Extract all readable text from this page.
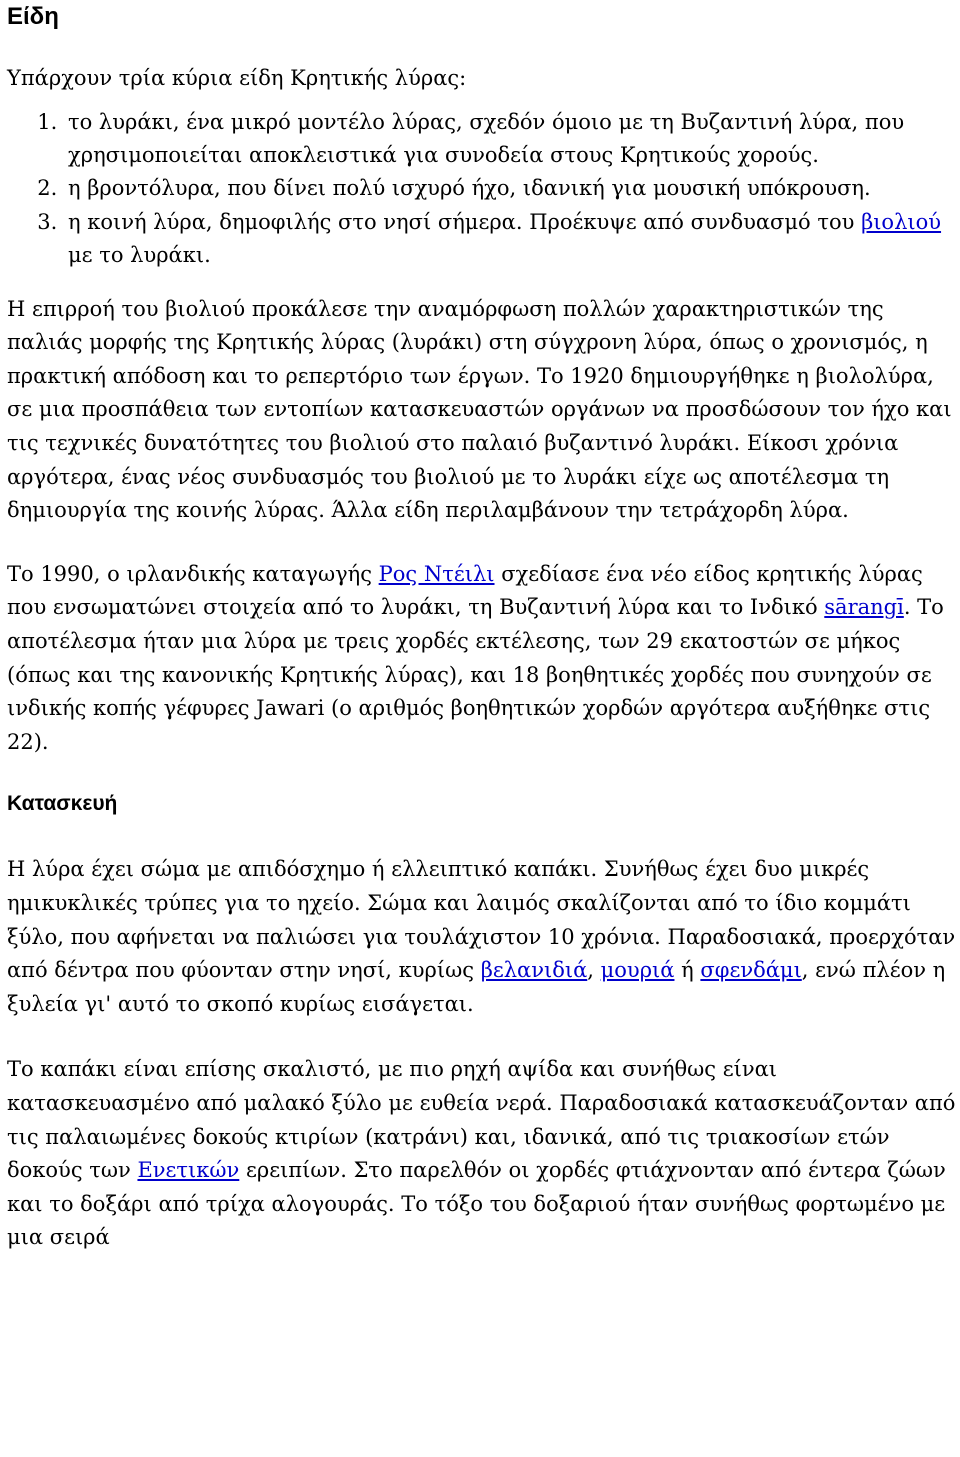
Είδη

Υπάρχουν τρία κύρια είδη Κρητικής λύρας:

1. το λυράκι, ένα μικρό μοντέλο λύρας, σχεδόν όμοιο με τη Βυζαντινή λύρα, που χρησιμοποιείται αποκλειστικά για συνοδεία στους Κρητικούς χορούς.
2. η βροντόλυρα, που δίνει πολύ ισχυρό ήχο, ιδανική για μουσική υπόκρουση.
3. η κοινή λύρα, δημοφιλής στο νησί σήμερα. Προέκυψε από συνδυασμό του βιολιού με το λυράκι.

Η επιρροή του βιολιού προκάλεσε την αναμόρφωση πολλών χαρακτηριστικών της παλιάς μορφής της Κρητικής λύρας (λυράκι) στη σύγχρονη λύρα, όπως ο χρονισμός, η πρακτική απόδοση και το ρεπερτόριο των έργων. Το 1920 δημιουργήθηκε η βιολολύρα, σε μια προσπάθεια των εντοπίων κατασκευαστών οργάνων να προσδώσουν τον ήχο και τις τεχνικές δυνατότητες του βιολιού στο παλαιό βυζαντινό λυράκι. Είκοσι χρόνια αργότερα, ένας νέος συνδυασμός του βιολιού με το λυράκι είχε ως αποτέλεσμα τη δημιουργία της κοινής λύρας. Άλλα είδη περιλαμβάνουν την τετράχορδη λύρα.

Το 1990, ο ιρλανδικής καταγωγής Ρος Ντέιλι σχεδίασε ένα νέο είδος κρητικής λύρας που ενσωματώνει στοιχεία από το λυράκι, τη Βυζαντινή λύρα και το Ινδικό sārangī. Το αποτέλεσμα ήταν μια λύρα με τρεις χορδές εκτέλεσης, των 29 εκατοστών σε μήκος (όπως και της κανονικής Κρητικής λύρας), και 18 βοηθητικές χορδές που συνηχούν σε ινδικής κοπής γέφυρες Jawari (ο αριθμός βοηθητικών χορδών αργότερα αυξήθηκε στις 22).

Κατασκευή

Η λύρα έχει σώμα με απιδόσχημο ή ελλειπτικό καπάκι. Συνήθως έχει δυο μικρές ημικυκλικές τρύπες για το ηχείο. Σώμα και λαιμός σκαλίζονται από το ίδιο κομμάτι ξύλο, που αφήνεται να παλιώσει για τουλάχιστον 10 χρόνια. Παραδοσιακά, προερχόταν από δέντρα που φύονταν στην νησί, κυρίως βελανιδιά, μουριά ή σφενδάμι, ενώ πλέον η ξυλεία γι' αυτό το σκοπό κυρίως εισάγεται.

Το καπάκι είναι επίσης σκαλιστό, με πιο ρηχή αψίδα και συνήθως είναι κατασκευασμένο από μαλακό ξύλο με ευθεία νερά. Παραδοσιακά κατασκευάζονταν από τις παλαιωμένες δοκούς κτιρίων (κατράνι) και, ιδανικά, από τις τριακοσίων ετών δοκούς των Ενετικών ερειπίων. Στο παρελθόν οι χορδές φτιάχνονταν από έντερα ζώων και το δοξάρι από τρίχα αλογουράς. Το τόξο του δοξαριού ήταν συνήθως φορτωμένο με μια σειρά
